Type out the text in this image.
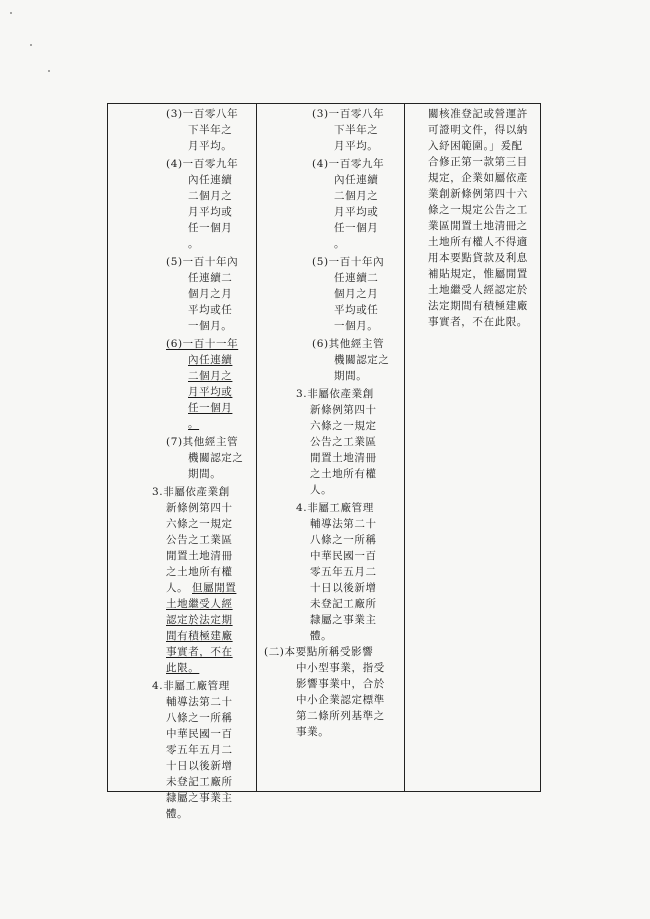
(3)一百零八年
下半年之
月平均。
(4)一百零九年
內任連續
二個月之
月平均或
任一個月
。
(5)一百十年內
任連續二
個月之月
平均或任
一個月。
(6)一百十一年
內任連續
二個月之
月平均或
任一個月
。
(7)其他經主管
機關認定之
期間。
3.非屬依產業創
新條例第四十
六條之一規定
公告之工業區
閒置土地清冊
之土地所有權
人。 但屬閒置
土地繼受人經
認定於法定期
間有積極建廠
事實者，不在
此限。
4.非屬工廠管理
輔導法第二十
八條之一所稱
中華民國一百
零五年五月二
十日以後新增
未登記工廠所
隸屬之事業主
體。
(3)一百零八年
下半年之
月平均。
(4)一百零九年
內任連續
二個月之
月平均或
任一個月
。
(5)一百十年內
任連續二
個月之月
平均或任
一個月。
(6)其他經主管
機關認定之
期間。
3.非屬依產業創
新條例第四十
六條之一規定
公告之工業區
閒置土地清冊
之土地所有權
人。
4.非屬工廠管理
輔導法第二十
八條之一所稱
中華民國一百
零五年五月二
十日以後新增
未登記工廠所
隸屬之事業主
體。
(二)本要點所稱受影響
中小型事業，指受
影響事業中，合於
中小企業認定標準
第二條所列基準之
事業。
關核准登記或營運許
可證明文件，得以納
入紓困範圍。」爰配
合修正第一款第三目
規定，企業如屬依產
業創新條例第四十六
條之一規定公告之工
業區閒置土地清冊之
土地所有權人不得適
用本要點貸款及利息
補貼規定，惟屬閒置
土地繼受人經認定於
法定期間有積極建廠
事實者，不在此限。
